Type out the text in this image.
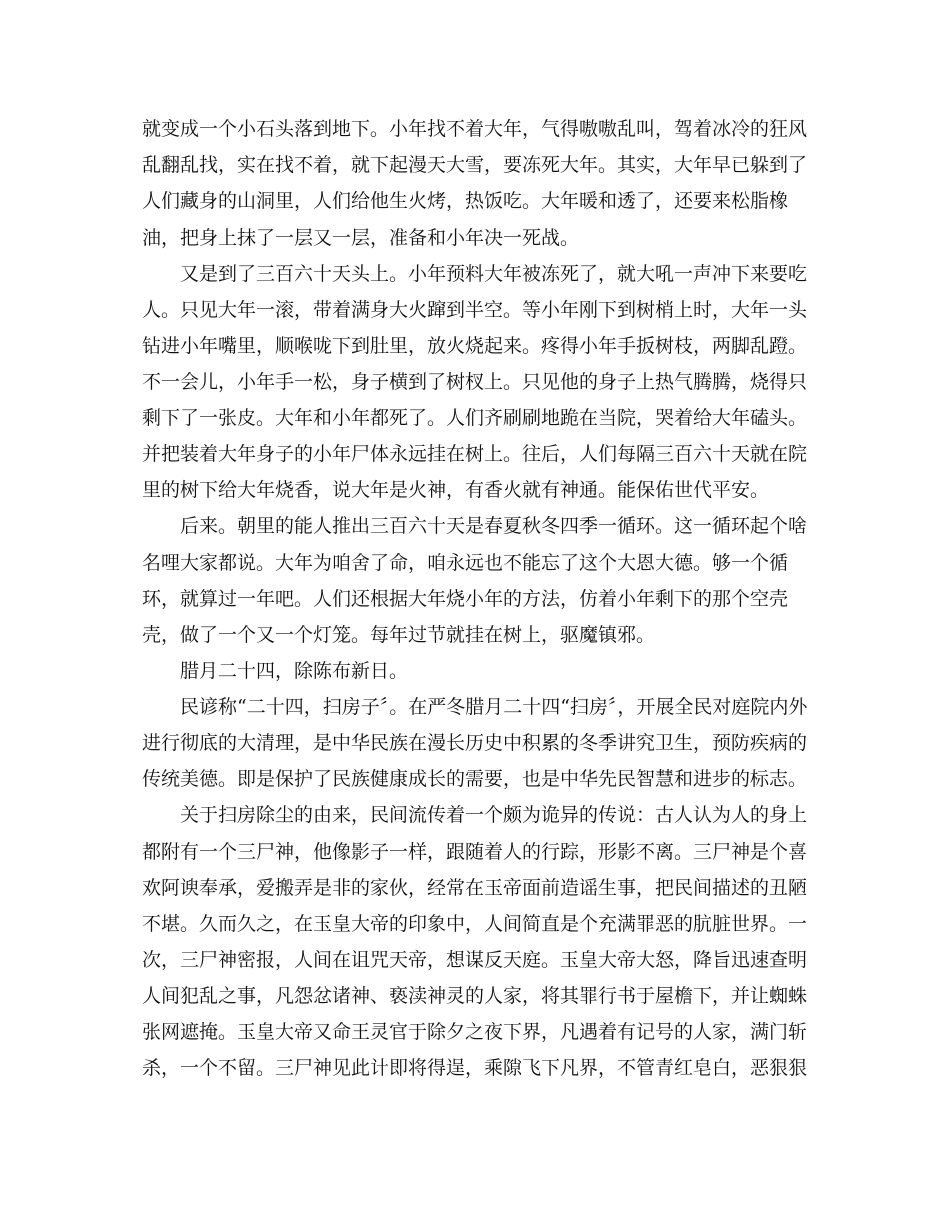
就变成一个小石头落到地下。小年找不着大年，气得嗷嗷乱叫，驾着冰冷的狂风
乱翻乱找，实在找不着，就下起漫天大雪，要冻死大年。其实，大年早已躲到了
人们藏身的山洞里，人们给他生火烤，热饭吃。大年暖和透了，还要来松脂橡
油，把身上抹了一层又一层，准备和小年决一死战。
又是到了三百六十天头上。小年预料大年被冻死了，就大吼一声冲下来要吃
人。只见大年一滚，带着满身大火蹿到半空。等小年刚下到树梢上时，大年一头
钻进小年嘴里，顺喉咙下到肚里，放火烧起来。疼得小年手扳树枝，两脚乱蹬。
不一会儿，小年手一松，身子横到了树杈上。只见他的身子上热气腾腾，烧得只
剩下了一张皮。大年和小年都死了。人们齐刷刷地跪在当院，哭着给大年磕头。
并把装着大年身子的小年尸体永远挂在树上。往后，人们每隔三百六十天就在院
里的树下给大年烧香，说大年是火神，有香火就有神通。能保佑世代平安。
后来。朝里的能人推出三百六十天是春夏秋冬四季一循环。这一循环起个啥
名哩大家都说。大年为咱舍了命，咱永远也不能忘了这个大恩大德。够一个循
环，就算过一年吧。人们还根据大年烧小年的方法，仿着小年剩下的那个空壳
壳，做了一个又一个灯笼。每年过节就挂在树上，驱魔镇邪。
腊月二十四，除陈布新日。
民谚称“二十四，扫房子〞。在严冬腊月二十四“扫房〞，开展全民对庭院内外
进行彻底的大清理，是中华民族在漫长历史中积累的冬季讲究卫生，预防疾病的
传统美德。即是保护了民族健康成长的需要，也是中华先民智慧和进步的标志。
关于扫房除尘的由来，民间流传着一个颇为诡异的传说：古人认为人的身上
都附有一个三尸神，他像影子一样，跟随着人的行踪，形影不离。三尸神是个喜
欢阿谀奉承，爱搬弄是非的家伙，经常在玉帝面前造谣生事，把民间描述的丑陋
不堪。久而久之，在玉皇大帝的印象中，人间简直是个充满罪恶的肮脏世界。一
次，三尸神密报，人间在诅咒天帝，想谋反天庭。玉皇大帝大怒，降旨迅速查明
人间犯乱之事，凡怨忿诸神、亵渎神灵的人家，将其罪行书于屋檐下，并让蜘蛛
张网遮掩。玉皇大帝又命王灵官于除夕之夜下界，凡遇着有记号的人家，满门斩
杀，一个不留。三尸神见此计即将得逞，乘隙飞下凡界，不管青红皂白，恶狠狠
